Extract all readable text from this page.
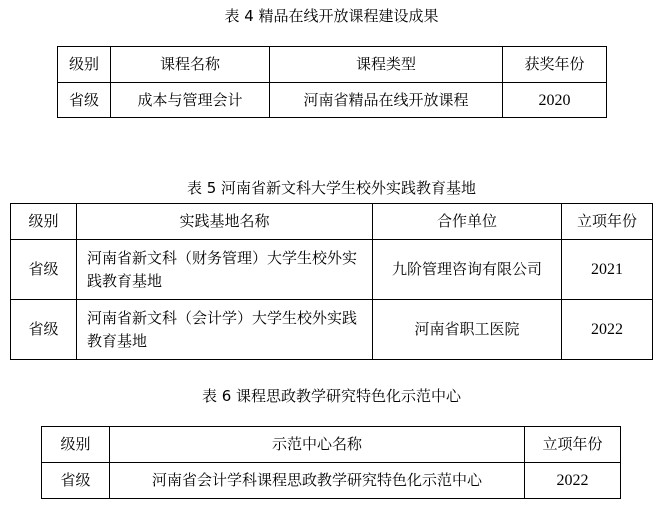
表 4 精品在线开放课程建设成果
级别	课程名称	课程类型	获奖年份
省级	成本与管理会计	河南省精品在线开放课程	2020
表 5 河南省新文科大学生校外实践教育基地
级别	实践基地名称	合作单位	立项年份
省级	河南省新文科（财务管理）大学生校外实践教育基地	九阶管理咨询有限公司	2021
省级	河南省新文科（会计学）大学生校外实践教育基地	河南省职工医院	2022
表 6 课程思政教学研究特色化示范中心
级别	示范中心名称	立项年份
省级	河南省会计学科课程思政教学研究特色化示范中心	2022
